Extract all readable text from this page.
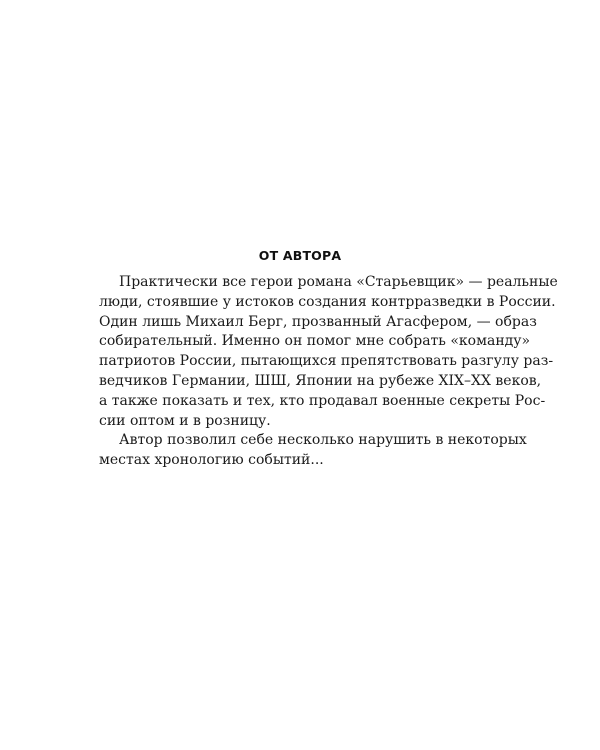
ОТ АВТОРА
Практически все герои романа «Старьевщик» — реальные
люди, стоявшие у истоков создания контрразведки в России.
Один лишь Михаил Берг, прозванный Агасфером, — образ
собирательный. Именно он помог мне собрать «команду»
патриотов России, пытающихся препятствовать разгулу раз-
ведчиков Германии, ШШ, Японии на рубеже XIX–XX веков,
а также показать и тех, кто продавал военные секреты Рос-
сии оптом и в розницу.
Автор позволил себе несколько нарушить в некоторых
местах хронологию событий...
